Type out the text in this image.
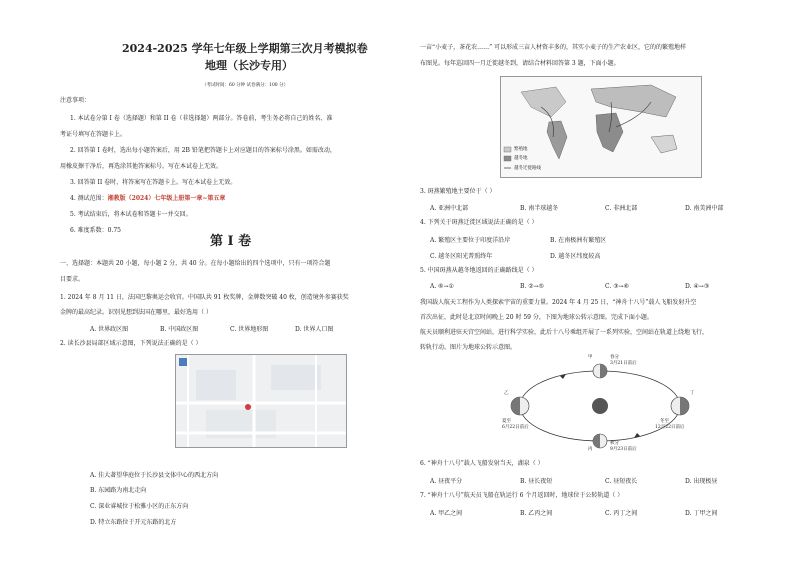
2024-2025 学年七年级上学期第三次月考模拟卷
地理（长沙专用）
（考试时间：60 分钟 试卷满分：100 分）
注意事项：
1. 本试卷分第 I 卷（选择题）和第 II 卷（非选择题）两部分。答卷前，考生务必将自己的姓名、准
考证号填写在答题卡上。
2. 回答第 I 卷时，选出每小题答案后，用 2B 铅笔把答题卡上对应题目的答案标号涂黑。如需改动，
用橡皮擦干净后，再选涂其他答案标号。写在本试卷上无效。
3. 回答第 II 卷时，将答案写在答题卡上。写在本试卷上无效。
4. 测试范围：湘教版（2024）七年级上册第一章~第五章
5. 考试结束后，将本试卷和答题卡一并交回。
6. 难度系数：0.75
第 I 卷
一、选择题：本题共 20 小题，每小题 2 分，共 40 分。在每小题给出的四个选项中，只有一项符合题
目要求。
1. 2024 年 8 月 11 日，法国巴黎奥运会收官。中国队共 91 枚奖牌，金牌数突破 40 枚，创造境外参赛获奖
金牌的最高纪录。识别见想到法国在哪里，最好选用（ ）
A. 世界政区图	B. 中国政区图	C. 世界地形图	D. 世界人口图
2. 读长沙县局部区域示意图，下列说法正确的是（ ）
A. 佳大著望华庭位于长沙县文体中心的西北方向
B. 东园路为南北走向
C. 深业睿城位于松雅小区的正东方向
D. 特立东路位于开元东路的北方
一亩“小麦子，茶花农……” 可以形成三亩人材资丰多的，其实小麦子的生产农业区，它的的繁殖地样
布图见。每年巡回四一月迁徙越冬到，请结合材料回答第 3 题，下面小题。
繁殖地
越冬地
越冬迁徙路线
3. 斑燕繁殖地主要位于（ ）
A. 亚洲中北部	B. 南半球越冬	C. 非洲北部	D. 南美洲中部
4. 下列关于斑燕迁徙区域说法正确的是（ ）
A. 繁殖区主要位于印度洋沿岸	B. 在南极洲有繁殖区
C. 越冬区阳光普照终年	D. 越冬区纬度较高
5. 中国斑燕从越冬地返回的正确路线是（ ）
A. ⑥→①	B. ②→⑤	C. ③→⑥	D. ④→③
我国载人航天工程作为人类探索宇宙的重要力量。2024 年 4 月 25 日，“神舟十八号”载人飞船发射升空
首次出征，此时是北京时间晚上 20 时 59 分，下图为地球公转示意图。完成下面小题。
航天员顺利进驻天宫空间站，进行科学实验，此后十八号乘组开展了一系列实验，空间站在轨道上绕地飞行，
转轨行动。图片为地球公转示意图。
甲	春分
3月21日前后
乙
夏至
6月22日前后
丙
秋分
9月23日前后
丁
冬至
12月22日前后
6. “神舟十八号”载人飞船发射当天，湖泉（ ）
A. 昼夜平分	B. 昼长夜短	C. 昼短夜长	D. 出现极昼
7. “神舟十八号”航天员飞船在轨运行 6 个月返回时，地球位于公转轨道（ ）
A. 甲乙之间	B. 乙丙之间	C. 丙丁之间	D. 丁甲之间
